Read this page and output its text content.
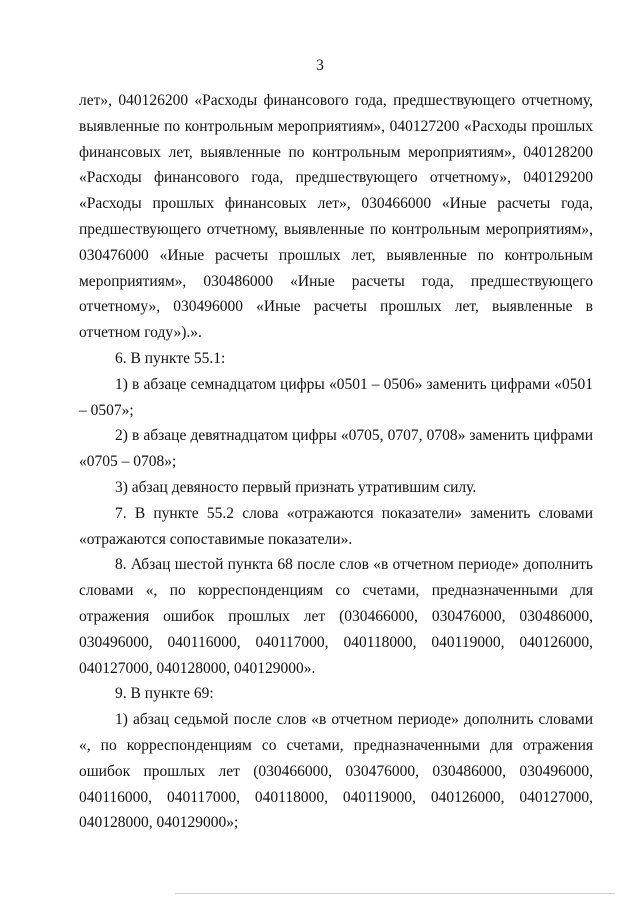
3

лет», 040126200 «Расходы финансового года, предшествующего отчетному, выявленные по контрольным мероприятиям», 040127200 «Расходы прошлых финансовых лет, выявленные по контрольным мероприятиям», 040128200 «Расходы финансового года, предшествующего отчетному», 040129200 «Расходы прошлых финансовых лет», 030466000 «Иные расчеты года, предшествующего отчетному, выявленные по контрольным мероприятиям», 030476000 «Иные расчеты прошлых лет, выявленные по контрольным мероприятиям», 030486000 «Иные расчеты года, предшествующего отчетному», 030496000 «Иные расчеты прошлых лет, выявленные в отчетном году»).».

6. В пункте 55.1:

1) в абзаце семнадцатом цифры «0501 – 0506» заменить цифрами «0501 – 0507»;

2) в абзаце девятнадцатом цифры «0705, 0707, 0708» заменить цифрами «0705 – 0708»;

3) абзац девяносто первый признать утратившим силу.

7. В пункте 55.2 слова «отражаются показатели» заменить словами «отражаются сопоставимые показатели».

8. Абзац шестой пункта 68 после слов «в отчетном периоде» дополнить словами «, по корреспонденциям со счетами, предназначенными для отражения ошибок прошлых лет (030466000, 030476000, 030486000, 030496000, 040116000, 040117000, 040118000, 040119000, 040126000, 040127000, 040128000, 040129000».

9. В пункте 69:

1) абзац седьмой после слов «в отчетном периоде» дополнить словами «, по корреспонденциям со счетами, предназначенными для отражения ошибок прошлых лет (030466000, 030476000, 030486000, 030496000, 040116000, 040117000, 040118000, 040119000, 040126000, 040127000, 040128000, 040129000»;
